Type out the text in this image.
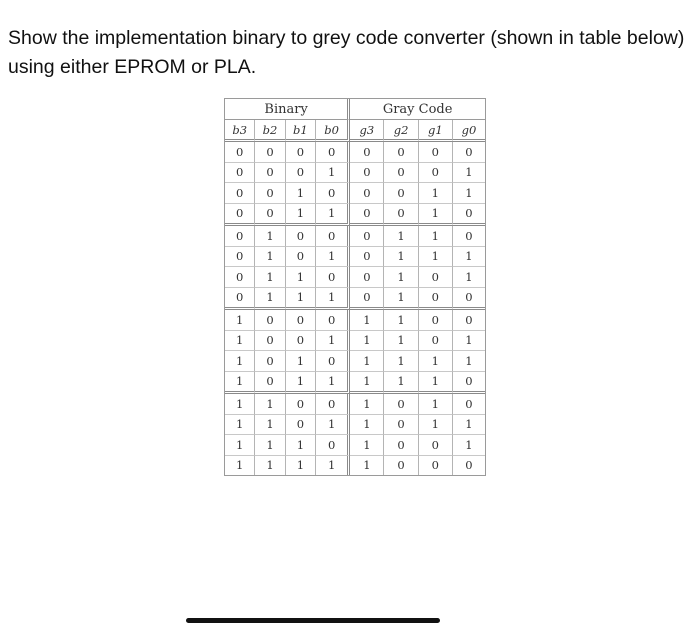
Show the implementation binary to grey code converter (shown in table below) using either EPROM or PLA.

Binary				Gray Code			
b3	b2	b1	b0	g3	g2	g1	g0
0	0	0	0	0	0	0	0
0	0	0	1	0	0	0	1
0	0	1	0	0	0	1	1
0	0	1	1	0	0	1	0
0	1	0	0	0	1	1	0
0	1	0	1	0	1	1	1
0	1	1	0	0	1	0	1
0	1	1	1	0	1	0	0
1	0	0	0	1	1	0	0
1	0	0	1	1	1	0	1
1	0	1	0	1	1	1	1
1	0	1	1	1	1	1	0
1	1	0	0	1	0	1	0
1	1	0	1	1	0	1	1
1	1	1	0	1	0	0	1
1	1	1	1	1	0	0	0
